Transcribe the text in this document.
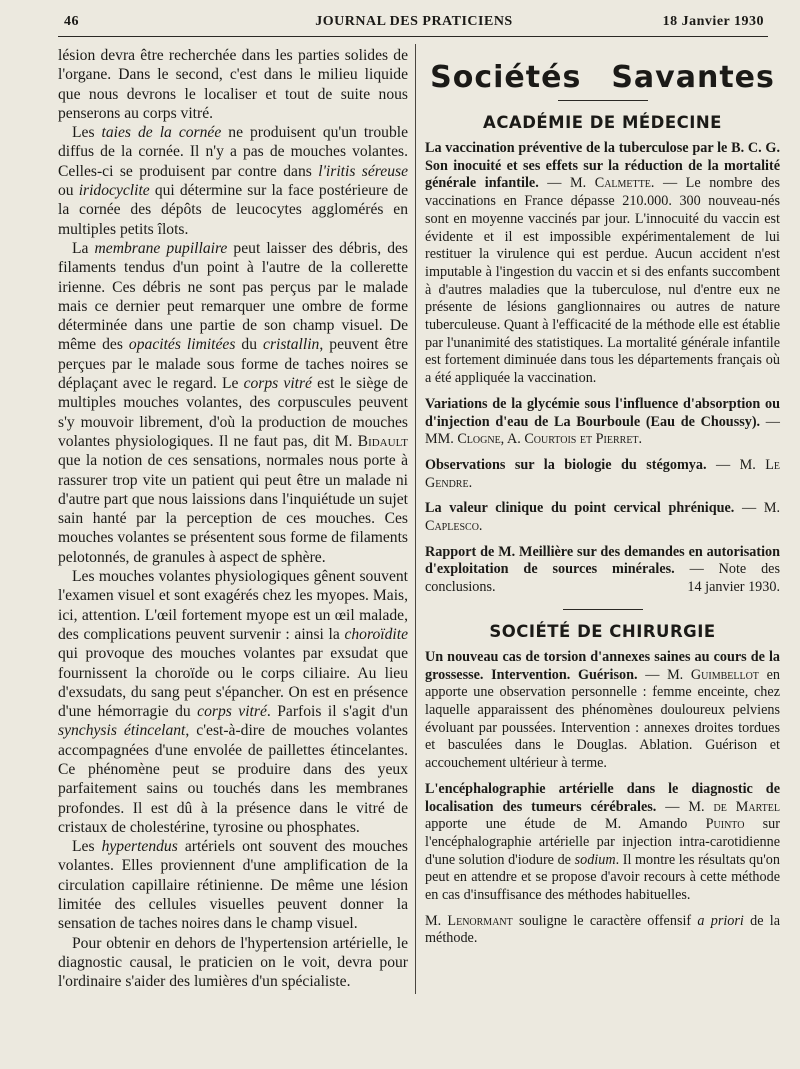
46	JOURNAL DES PRATICIENS	18 Janvier 1930

lésion devra être recherchée dans les parties solides de l'organe. Dans le second, c'est dans le milieu liquide que nous devrons le localiser et tout de suite nous penserons au corps vitré.

Les taies de la cornée ne produisent qu'un trouble diffus de la cornée. Il n'y a pas de mouches volantes. Celles-ci se produisent par contre dans l'iritis séreuse ou iridocyclite qui détermine sur la face postérieure de la cornée des dépôts de leucocytes agglomérés en multiples petits îlots.

La membrane pupillaire peut laisser des débris, des filaments tendus d'un point à l'autre de la collerette irienne. Ces débris ne sont pas perçus par le malade mais ce dernier peut remarquer une ombre de forme déterminée dans une partie de son champ visuel. De même des opacités limitées du cristallin, peuvent être perçues par le malade sous forme de taches noires se déplaçant avec le regard. Le corps vitré est le siège de multiples mouches volantes, des corpuscules peuvent s'y mouvoir librement, d'où la production de mouches volantes physiologiques. Il ne faut pas, dit M. Bidault que la notion de ces sensations, normales nous porte à rassurer trop vite un patient qui peut être un malade ni d'autre part que nous laissions dans l'inquiétude un sujet sain hanté par la perception de ces mouches. Ces mouches volantes se présentent sous forme de filaments pelotonnés, de granules à aspect de sphère.

Les mouches volantes physiologiques gênent souvent l'examen visuel et sont exagérés chez les myopes. Mais, ici, attention. L'œil fortement myope est un œil malade, des complications peuvent survenir : ainsi la choroïdite qui provoque des mouches volantes par exsudat que fournissent la choroïde ou le corps ciliaire. Au lieu d'exsudats, du sang peut s'épancher. On est en présence d'une hémorragie du corps vitré. Parfois il s'agit d'un synchysis étincelant, c'est-à-dire de mouches volantes accompagnées d'une envolée de paillettes étincelantes. Ce phénomène peut se produire dans des yeux parfaitement sains ou touchés dans les membranes profondes. Il est dû à la présence dans le vitré de cristaux de cholestérine, tyrosine ou phosphates.

Les hypertendus artériels ont souvent des mouches volantes. Elles proviennent d'une amplification de la circulation capillaire rétinienne. De même une lésion limitée des cellules visuelles peuvent donner la sensation de taches noires dans le champ visuel.

Pour obtenir en dehors de l'hypertension artérielle, le diagnostic causal, le praticien on le voit, devra pour l'ordinaire s'aider des lumières d'un spécialiste.

Sociétés Savantes
ACADÉMIE DE MÉDECINE

La vaccination préventive de la tuberculose par le B. C. G. Son inocuité et ses effets sur la réduction de la mortalité générale infantile. — M. Calmette. — Le nombre des vaccinations en France dépasse 210.000. 300 nouveau-nés sont en moyenne vaccinés par jour. L'innocuité du vaccin est évidente et il est impossible expérimentalement de lui restituer la virulence qui est perdue. Aucun accident n'est imputable à l'ingestion du vaccin et si des enfants succombent à d'autres maladies que la tuberculose, nul d'entre eux ne présente de lésions ganglionnaires ou autres de nature tuberculeuse. Quant à l'efficacité de la méthode elle est établie par l'unanimité des statistiques. La mortalité générale infantile est fortement diminuée dans tous les départements français où a été appliquée la vaccination.

Variations de la glycémie sous l'influence d'absorption ou d'injection d'eau de La Bourboule (Eau de Choussy). — MM. Clogne, A. Courtois et Pierret.

Observations sur la biologie du stégomya. — M. Le Gendre.

La valeur clinique du point cervical phrénique. — M. Caplesco.

Rapport de M. Meillière sur des demandes en autorisation d'exploitation de sources minérales. — Note des conclusions.	14 janvier 1930.

SOCIÉTÉ DE CHIRURGIE

Un nouveau cas de torsion d'annexes saines au cours de la grossesse. Intervention. Guérison. — M. Guimbellot en apporte une observation personnelle : femme enceinte, chez laquelle apparaissent des phénomènes douloureux pelviens évoluant par poussées. Intervention : annexes droites tordues et basculées dans le Douglas. Ablation. Guérison et accouchement ultérieur à terme.

L'encéphalographie artérielle dans le diagnostic de localisation des tumeurs cérébrales. — M. de Martel apporte une étude de M. Amando Puinto sur l'encéphalographie artérielle par injection intra-carotidienne d'une solution d'iodure de sodium. Il montre les résultats qu'on peut en attendre et se propose d'avoir recours à cette méthode en cas d'insuffisance des méthodes habituelles.

M. Lenormant souligne le caractère offensif a priori de la méthode.
